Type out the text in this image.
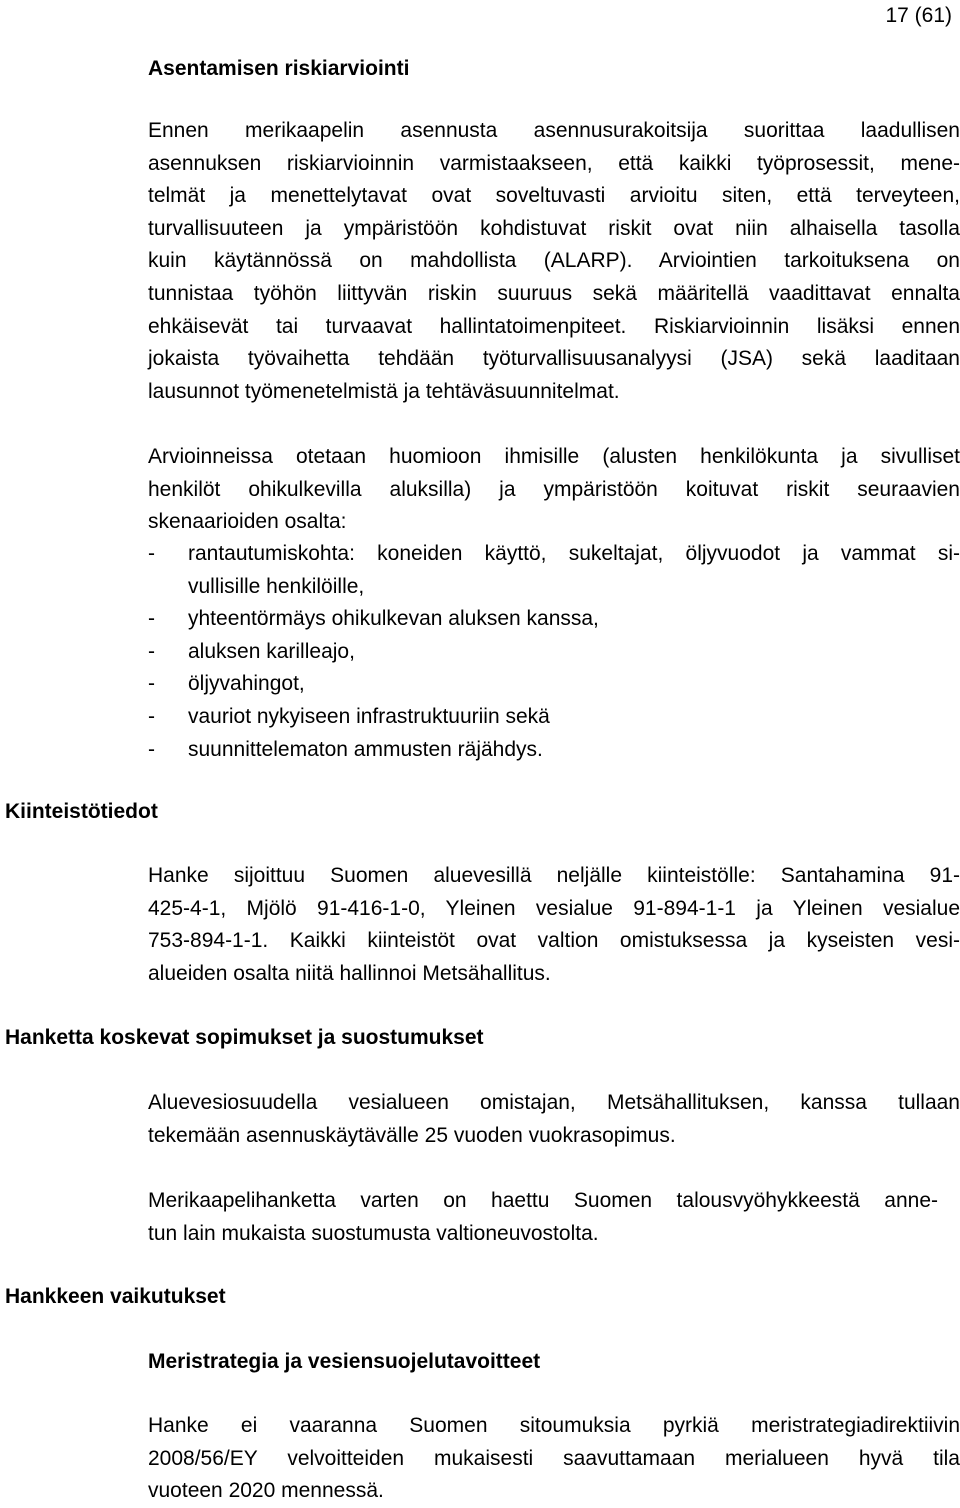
17 (61)
Asentamisen riskiarviointi
Ennen merikaapelin asennusta asennusurakoitsija suorittaa laadullisen
asennuksen riskiarvioinnin varmistaakseen, että kaikki työprosessit, mene-
telmät ja menettelytavat ovat soveltuvasti arvioitu siten, että terveyteen,
turvallisuuteen ja ympäristöön kohdistuvat riskit ovat niin alhaisella tasolla
kuin käytännössä on mahdollista (ALARP). Arviointien tarkoituksena on
tunnistaa työhön liittyvän riskin suuruus sekä määritellä vaadittavat ennalta
ehkäisevät tai turvaavat hallintatoimenpiteet. Riskiarvioinnin lisäksi ennen
jokaista työvaihetta tehdään työturvallisuusanalyysi (JSA) sekä laaditaan
lausunnot työmenetelmistä ja tehtäväsuunnitelmat.
Arvioinneissa otetaan huomioon ihmisille (alusten henkilökunta ja sivulliset
henkilöt ohikulkevilla aluksilla) ja ympäristöön koituvat riskit seuraavien
skenaarioiden osalta:
-	rantautumiskohta: koneiden käyttö, sukeltajat, öljyvuodot ja vammat si-
vullisille henkilöille,
-	yhteentörmäys ohikulkevan aluksen kanssa,
-	aluksen karilleajo,
-	öljyvahingot,
-	vauriot nykyiseen infrastruktuuriin sekä
-	suunnittelematon ammusten räjähdys.
Kiinteistötiedot
Hanke sijoittuu Suomen aluevesillä neljälle kiinteistölle: Santahamina 91-
425-4-1, Mjölö 91-416-1-0, Yleinen vesialue 91-894-1-1 ja Yleinen vesialue
753-894-1-1. Kaikki kiinteistöt ovat valtion omistuksessa ja kyseisten vesi-
alueiden osalta niitä hallinnoi Metsähallitus.
Hanketta koskevat sopimukset ja suostumukset
Aluevesiosuudella vesialueen omistajan, Metsähallituksen, kanssa tullaan
tekemään asennuskäytävälle 25 vuoden vuokrasopimus.
Merikaapelihanketta varten on haettu Suomen talousvyöhykkeestä anne-
tun lain mukaista suostumusta valtioneuvostolta.
Hankkeen vaikutukset
Meristrategia ja vesiensuojelutavoitteet
Hanke ei vaaranna Suomen sitoumuksia pyrkiä meristrategiadirektiivin
2008/56/EY velvoitteiden mukaisesti saavuttamaan merialueen hyvä tila
vuoteen 2020 mennessä.
